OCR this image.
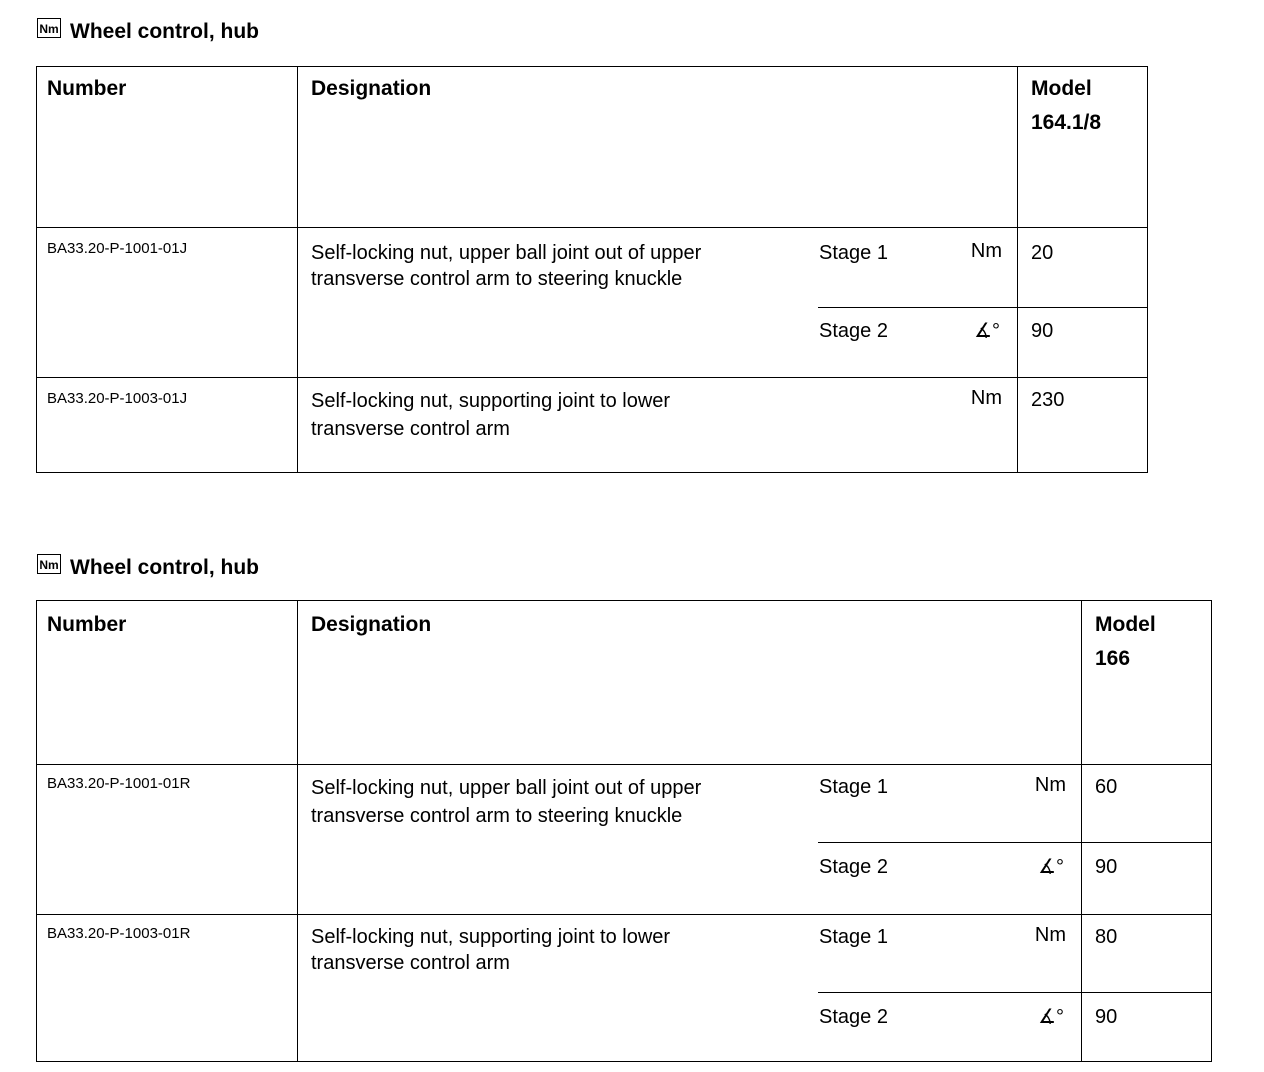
Nm Wheel control, hub
Number	Designation	Model
164.1/8
BA33.20-P-1001-01J	Self-locking nut, upper ball joint out of upper transverse control arm to steering knuckle
Stage 1	Nm 20
Stage 2	∡° 90
BA33.20-P-1003-01J	Self-locking nut, supporting joint to lower transverse control arm
Nm 230
Nm Wheel control, hub
Number	Designation	Model
166
BA33.20-P-1001-01R	Self-locking nut, upper ball joint out of upper transverse control arm to steering knuckle
Stage 1	Nm 60
Stage 2	∡° 90
BA33.20-P-1003-01R	Self-locking nut, supporting joint to lower transverse control arm
Stage 1	Nm 80
Stage 2	∡° 90
